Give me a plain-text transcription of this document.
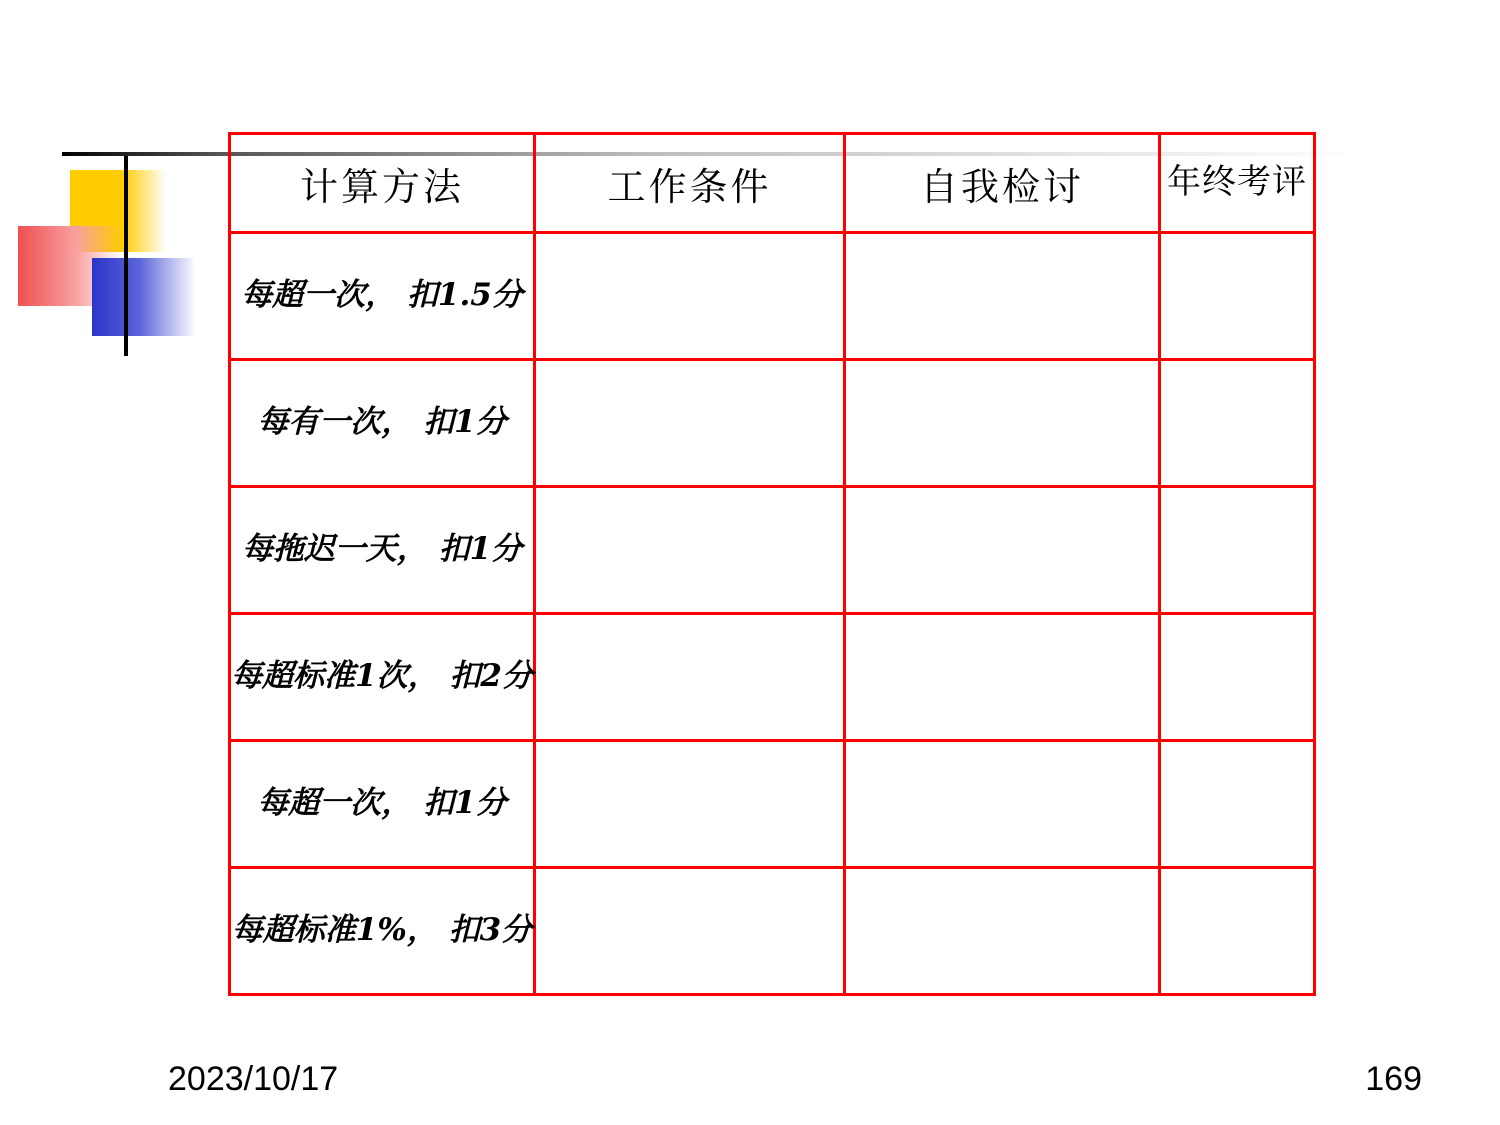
计算方法	工作条件	自我检讨	年终考评
每超一次， 扣1.5分			
每有一次， 扣1分			
每拖迟一天， 扣1分			
每超标准1次， 扣2分			
每超一次， 扣1分			
每超标准1%， 扣3分			
2023/10/17	169
